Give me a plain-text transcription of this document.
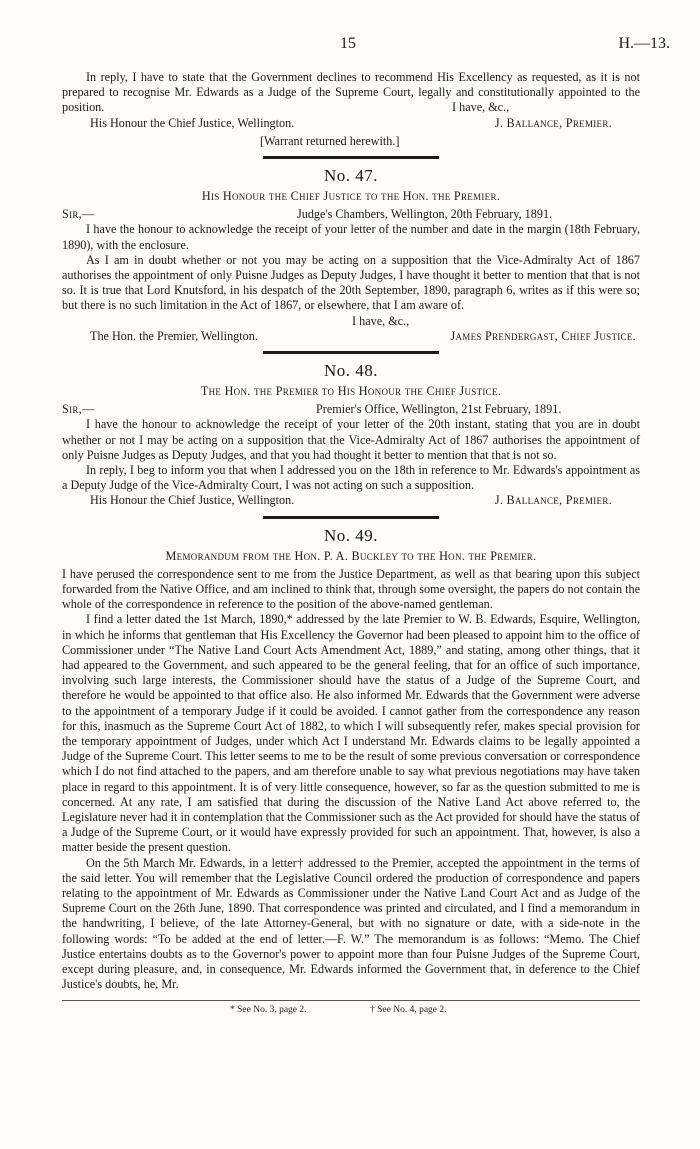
15	H.—13.

In reply, I have to state that the Government declines to recommend His Excellency as requested, as it is not prepared to recognise Mr. Edwards as a Judge of the Supreme Court, legally and constitutionally appointed to the position.	I have, &c.,
His Honour the Chief Justice, Wellington.	J. Ballance, Premier.
[Warrant returned herewith.]
No. 47.
His Honour the Chief Justice to the Hon. the Premier.
Sir,—	Judge's Chambers, Wellington, 20th February, 1891.

I have the honour to acknowledge the receipt of your letter of the number and date in the margin (18th February, 1890), with the enclosure.

As I am in doubt whether or not you may be acting on a supposition that the Vice-Admiralty Act of 1867 authorises the appointment of only Puisne Judges as Deputy Judges, I have thought it better to mention that that is not so. It is true that Lord Knutsford, in his despatch of the 20th September, 1890, paragraph 6, writes as if this were so; but there is no such limitation in the Act of 1867, or elsewhere, that I am aware of.

I have, &c.,
The Hon. the Premier, Wellington.	James Prendergast, Chief Justice.
No. 48.
The Hon. the Premier to His Honour the Chief Justice.
Sir,—	Premier's Office, Wellington, 21st February, 1891.

I have the honour to acknowledge the receipt of your letter of the 20th instant, stating that you are in doubt whether or not I may be acting on a supposition that the Vice-Admiralty Act of 1867 authorises the appointment of only Puisne Judges as Deputy Judges, and that you had thought it better to mention that that is not so.

In reply, I beg to inform you that when I addressed you on the 18th in reference to Mr. Edwards's appointment as a Deputy Judge of the Vice-Admiralty Court, I was not acting on such a supposition.

His Honour the Chief Justice, Wellington.	J. Ballance, Premier.
No. 49.
Memorandum from the Hon. P. A. Buckley to the Hon. the Premier.

I have perused the correspondence sent to me from the Justice Department, as well as that bearing upon this subject forwarded from the Native Office, and am inclined to think that, through some oversight, the papers do not contain the whole of the correspondence in reference to the position of the above-named gentleman.

I find a letter dated the 1st March, 1890,* addressed by the late Premier to W. B. Edwards, Esquire, Wellington, in which he informs that gentleman that His Excellency the Governor had been pleased to appoint him to the office of Commissioner under “The Native Land Court Acts Amendment Act, 1889,” and stating, among other things, that it had appeared to the Government, and such appeared to be the general feeling, that for an office of such importance, involving such large interests, the Commissioner should have the status of a Judge of the Supreme Court, and therefore he would be appointed to that office also. He also informed Mr. Edwards that the Government were adverse to the appointment of a temporary Judge if it could be avoided. I cannot gather from the correspondence any reason for this, inasmuch as the Supreme Court Act of 1882, to which I will subsequently refer, makes special provision for the temporary appointment of Judges, under which Act I understand Mr. Edwards claims to be legally appointed a Judge of the Supreme Court. This letter seems to me to be the result of some previous conversation or correspondence which I do not find attached to the papers, and am therefore unable to say what previous negotiations may have taken place in regard to this appointment. It is of very little consequence, however, so far as the question submitted to me is concerned. At any rate, I am satisfied that during the discussion of the Native Land Act above referred to, the Legislature never had it in contemplation that the Commissioner such as the Act provided for should have the status of a Judge of the Supreme Court, or it would have expressly provided for such an appointment. That, however, is also a matter beside the present question.

On the 5th March Mr. Edwards, in a letter† addressed to the Premier, accepted the appointment in the terms of the said letter. You will remember that the Legislative Council ordered the production of correspondence and papers relating to the appointment of Mr. Edwards as Commissioner under the Native Land Court Act and as Judge of the Supreme Court on the 26th June, 1890. That correspondence was printed and circulated, and I find a memorandum in the handwriting, I believe, of the late Attorney-General, but with no signature or date, with a side-note in the following words: “To be added at the end of letter.—F. W.” The memorandum is as follows: “Memo. The Chief Justice entertains doubts as to the Governor's power to appoint more than four Puisne Judges of the Supreme Court, except during pleasure, and, in consequence, Mr. Edwards informed the Government that, in deference to the Chief Justice's doubts, he, Mr.

* See No. 3, page 2.	† See No. 4, page 2.
